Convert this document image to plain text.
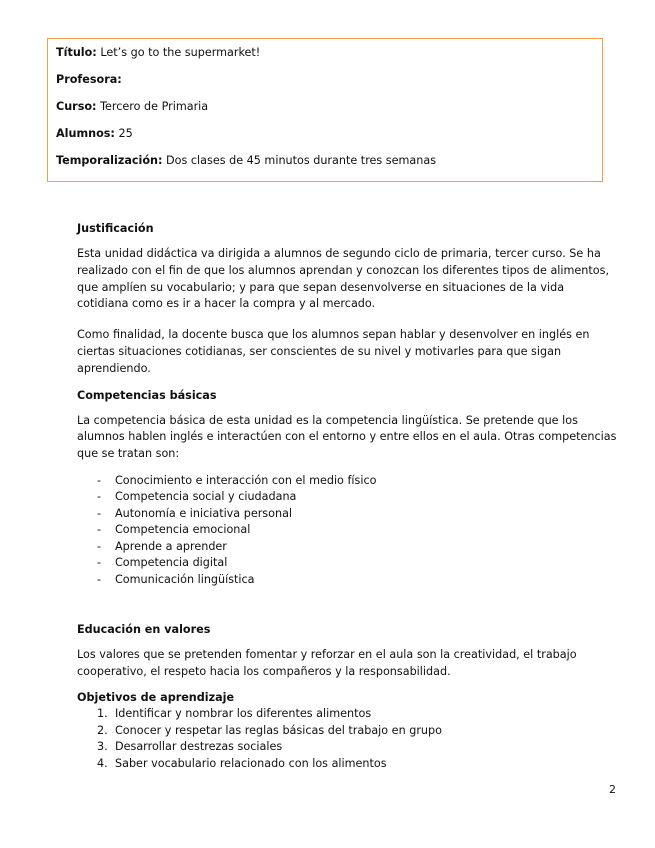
Título: Let’s go to the supermarket!
Profesora:
Curso: Tercero de Primaria
Alumnos: 25
Temporalización: Dos clases de 45 minutos durante tres semanas
Justificación

Esta unidad didáctica va dirigida a alumnos de segundo ciclo de primaria, tercer curso. Se ha realizado con el fin de que los alumnos aprendan y conozcan los diferentes tipos de alimentos, que amplíen su vocabulario; y para que sepan desenvolverse en situaciones de la vida cotidiana como es ir a hacer la compra y al mercado.

Como finalidad, la docente busca que los alumnos sepan hablar y desenvolver en inglés en ciertas situaciones cotidianas, ser conscientes de su nivel y motivarles para que sigan aprendiendo.

Competencias básicas

La competencia básica de esta unidad es la competencia lingüística. Se pretende que los alumnos hablen inglés e interactúen con el entorno y entre ellos en el aula. Otras competencias que se tratan son:

- Conocimiento e interacción con el medio físico
- Competencia social y ciudadana
- Autonomía e iniciativa personal
- Competencia emocional
- Aprende a aprender
- Competencia digital
- Comunicación lingüística
Educación en valores

Los valores que se pretenden fomentar y reforzar en el aula son la creatividad, el trabajo cooperativo, el respeto hacia los compañeros y la responsabilidad.

Objetivos de aprendizaje
1. Identificar y nombrar los diferentes alimentos
2. Conocer y respetar las reglas básicas del trabajo en grupo
3. Desarrollar destrezas sociales
4. Saber vocabulario relacionado con los alimentos
2
